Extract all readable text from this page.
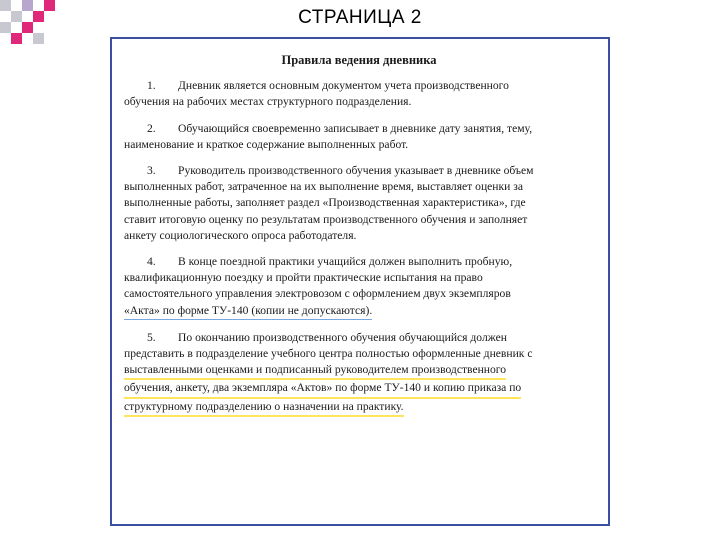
СТРАНИЦА 2
Правила ведения дневника
1. Дневник является основным документом учета производственного
обучения на рабочих местах структурного подразделения.
2. Обучающийся своевременно записывает в дневнике дату занятия, тему,
наименование и краткое содержание выполненных работ.
3. Руководитель производственного обучения указывает в дневнике объем
выполненных работ, затраченное на их выполнение время, выставляет оценки за
выполненные работы, заполняет раздел «Производственная характеристика», где
ставит итоговую оценку по результатам производственного обучения и заполняет
анкету социологического опроса работодателя.
4. В конце поездной практики учащийся должен выполнить пробную,
квалификационную поездку и пройти практические испытания на право
самостоятельного управления электровозом с оформлением двух экземпляров
«Акта» по форме ТУ-140 (копии не допускаются).
5. По окончанию производственного обучения обучающийся должен
представить в подразделение учебного центра полностью оформленные дневник с
выставленными оценками и подписанный руководителем производственного
обучения, анкету, два экземпляра «Актов» по форме ТУ-140 и копию приказа по
структурному подразделению о назначении на практику.
